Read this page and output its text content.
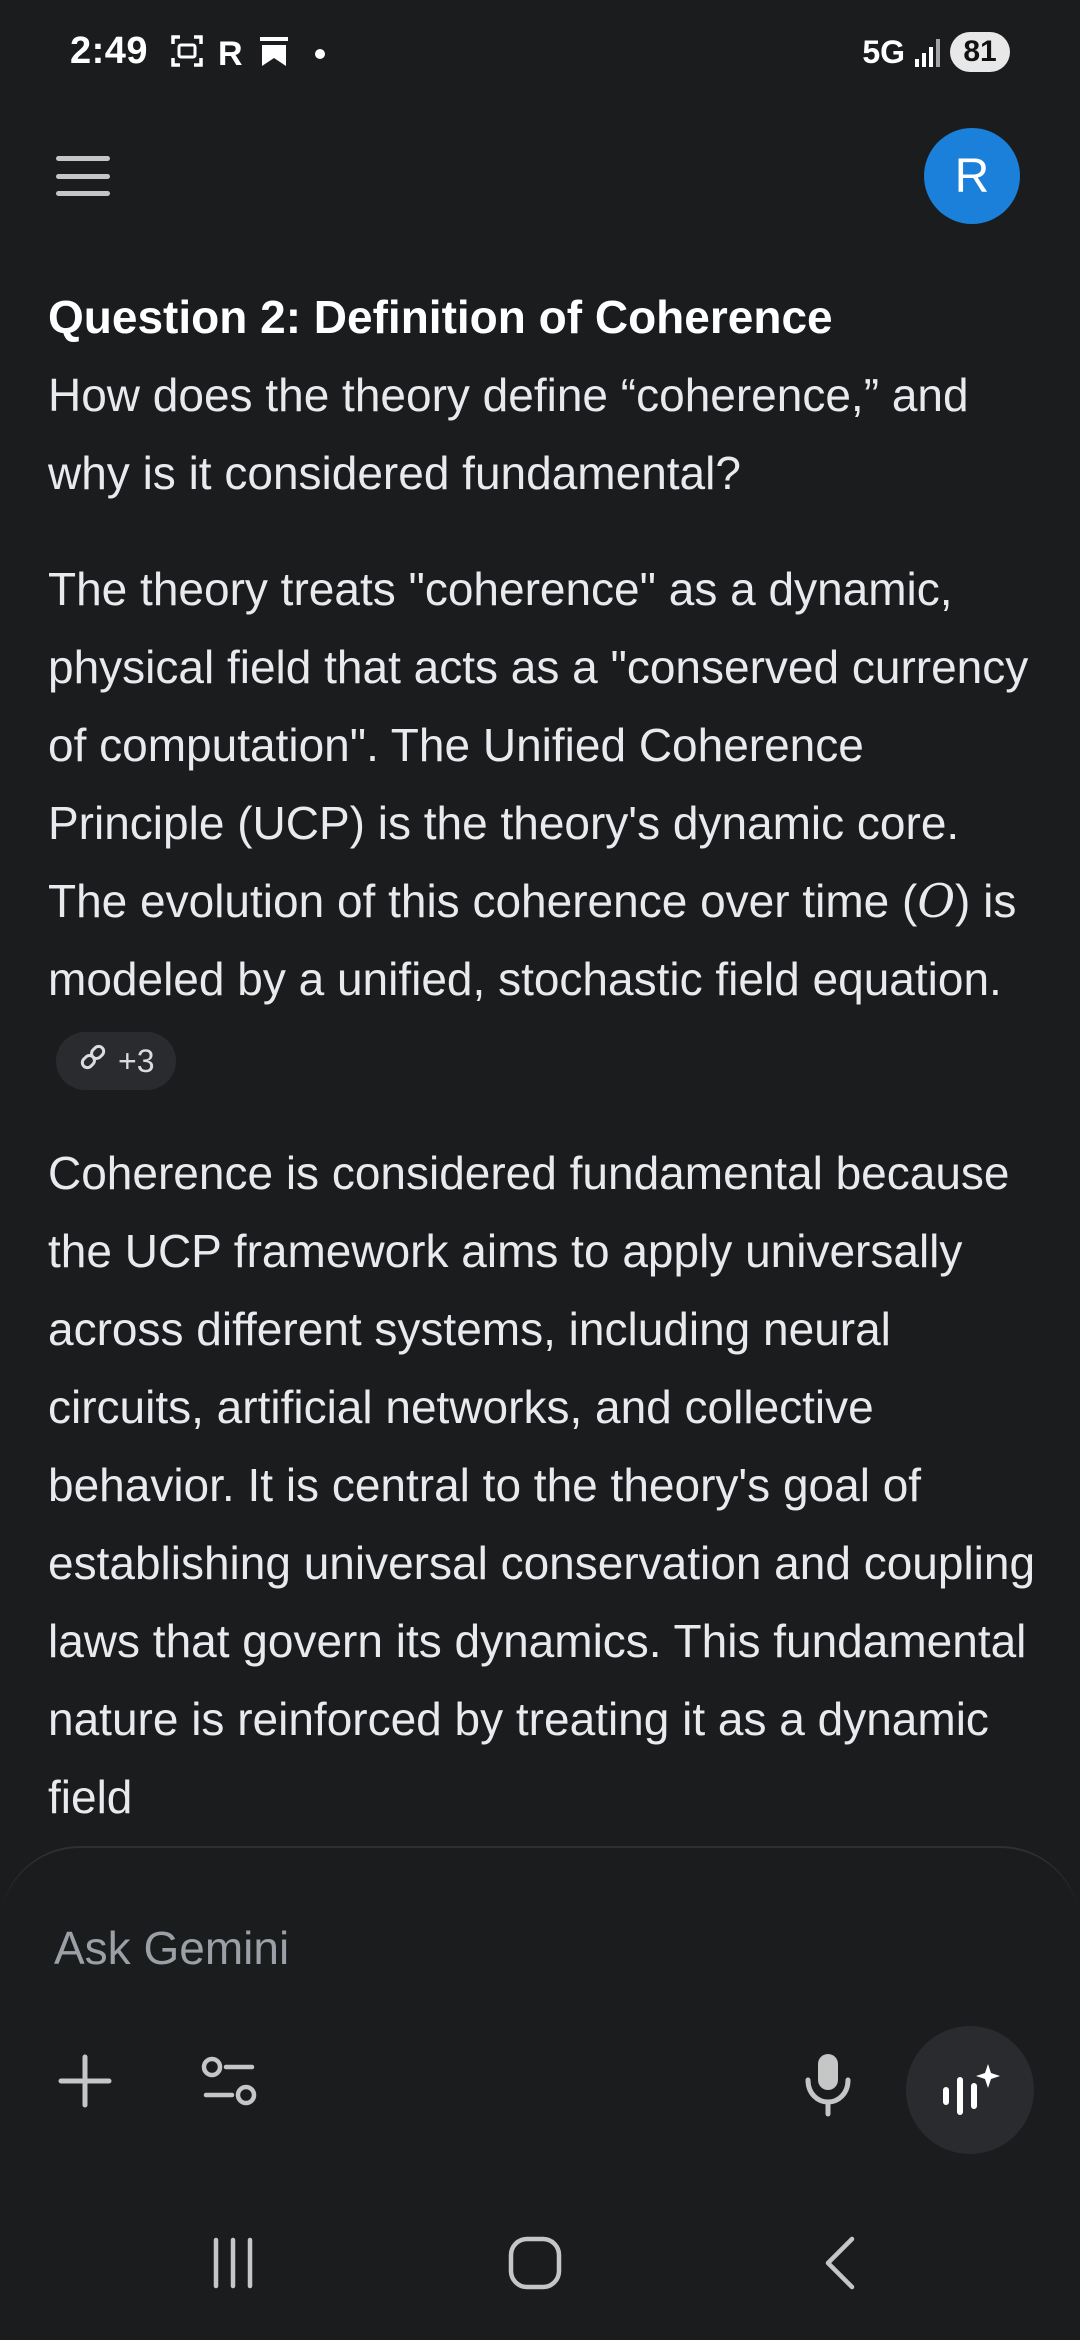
2:49 R	5G	81
R

Question 2: Definition of Coherence
How does the theory define “coherence,” and why is it considered fundamental?

The theory treats "coherence" as a dynamic, physical field that acts as a "conserved currency of computation". The Unified Coherence Principle (UCP) is the theory's dynamic core. The evolution of this coherence over time (O) is modeled by a unified, stochastic field equation.
+3

Coherence is considered fundamental because the UCP framework aims to apply universally across different systems, including neural circuits, artificial networks, and collective behavior. It is central to the theory's goal of establishing universal conservation and coupling laws that govern its dynamics. This fundamental nature is reinforced by treating it as a dynamic field

Ask Gemini
